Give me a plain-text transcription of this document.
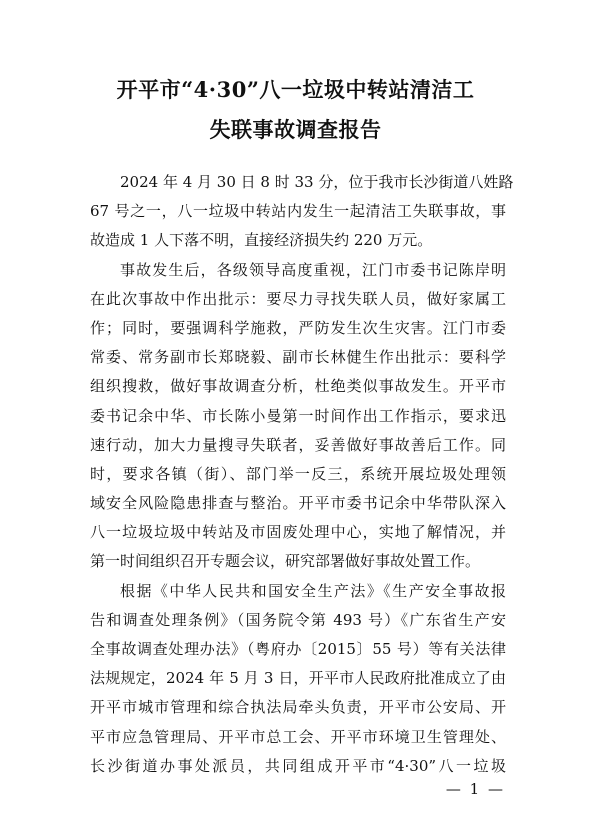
开平市“4·30”八一垃圾中转站清洁工
失联事故调查报告
2024 年 4 月 30 日 8 时 33 分，位于我市长沙街道八姓路
67 号之一，八一垃圾中转站内发生一起清洁工失联事故，事
故造成 1 人下落不明，直接经济损失约 220 万元。
事故发生后，各级领导高度重视，江门市委书记陈岸明
在此次事故中作出批示：要尽力寻找失联人员，做好家属工
作；同时，要强调科学施救，严防发生次生灾害。江门市委
常委、常务副市长郑晓毅、副市长林健生作出批示：要科学
组织搜救，做好事故调查分析，杜绝类似事故发生。开平市
委书记余中华、市长陈小曼第一时间作出工作指示，要求迅
速行动，加大力量搜寻失联者，妥善做好事故善后工作。同
时，要求各镇（街）、部门举一反三，系统开展垃圾处理领
域安全风险隐患排查与整治。开平市委书记余中华带队深入
八一垃圾垃圾中转站及市固废处理中心，实地了解情况，并
第一时间组织召开专题会议，研究部署做好事故处置工作。
根据《中华人民共和国安全生产法》《生产安全事故报
告和调查处理条例》（国务院令第 493 号）《广东省生产安
全事故调查处理办法》（粤府办〔2015〕55 号）等有关法律
法规规定，2024 年 5 月 3 日，开平市人民政府批准成立了由
开平市城市管理和综合执法局牵头负责，开平市公安局、开
平市应急管理局、开平市总工会、开平市环境卫生管理处、
长沙街道办事处派员，共同组成开平市“4·30”八一垃圾
— 1 —
